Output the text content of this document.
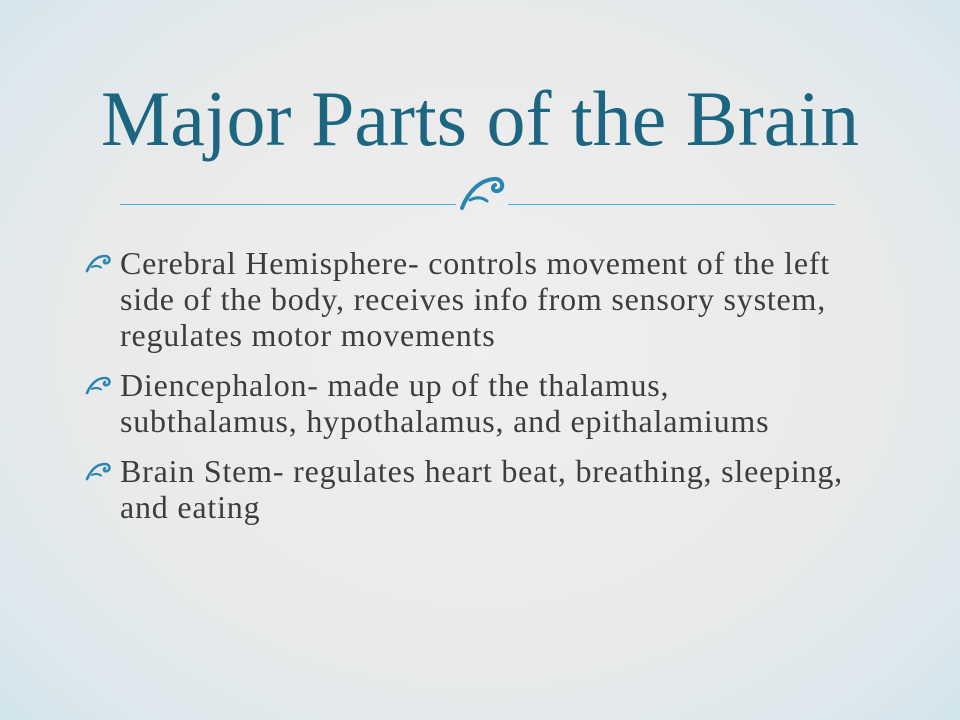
Major Parts of the Brain
Cerebral Hemisphere- controls movement of the left
side of the body, receives info from sensory system,
regulates motor movements
Diencephalon- made up of the thalamus,
subthalamus, hypothalamus, and epithalamiums
Brain Stem- regulates heart beat, breathing, sleeping,
and eating
